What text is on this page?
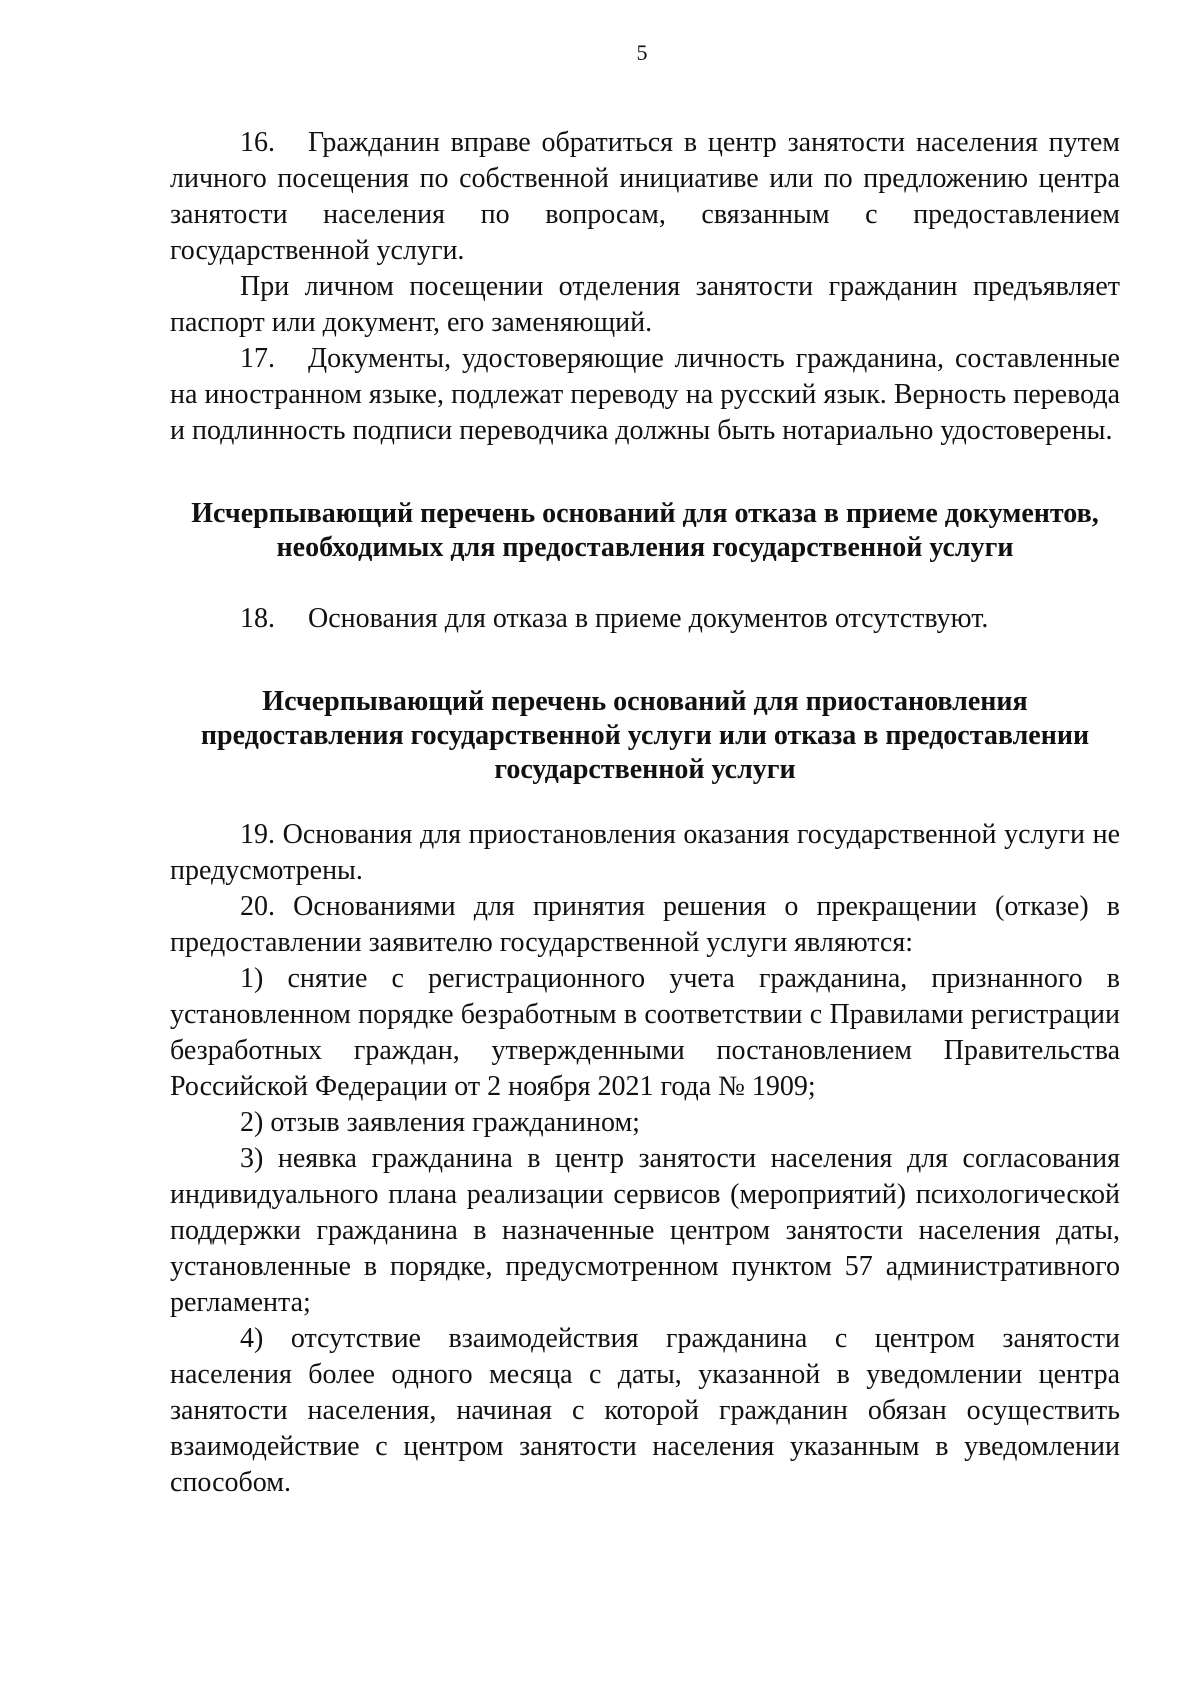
5

16. Гражданин вправе обратиться в центр занятости населения путем личного посещения по собственной инициативе или по предложению центра занятости населения по вопросам, связанным с предоставлением государственной услуги.

При личном посещении отделения занятости гражданин предъявляет паспорт или документ, его заменяющий.

17. Документы, удостоверяющие личность гражданина, составленные на иностранном языке, подлежат переводу на русский язык. Верность перевода и подлинность подписи переводчика должны быть нотариально удостоверены.

Исчерпывающий перечень оснований для отказа в приеме документов, необходимых для предоставления государственной услуги

18. Основания для отказа в приеме документов отсутствуют.

Исчерпывающий перечень оснований для приостановления предоставления государственной услуги или отказа в предоставлении государственной услуги

19. Основания для приостановления оказания государственной услуги не предусмотрены.

20. Основаниями для принятия решения о прекращении (отказе) в предоставлении заявителю государственной услуги являются:

1) снятие с регистрационного учета гражданина, признанного в установленном порядке безработным в соответствии с Правилами регистрации безработных граждан, утвержденными постановлением Правительства Российской Федерации от 2 ноября 2021 года № 1909;

2) отзыв заявления гражданином;

3) неявка гражданина в центр занятости населения для согласования индивидуального плана реализации сервисов (мероприятий) психологической поддержки гражданина в назначенные центром занятости населения даты, установленные в порядке, предусмотренном пунктом 57 административного регламента;

4) отсутствие взаимодействия гражданина с центром занятости населения более одного месяца с даты, указанной в уведомлении центра занятости населения, начиная с которой гражданин обязан осуществить взаимодействие с центром занятости населения указанным в уведомлении способом.
